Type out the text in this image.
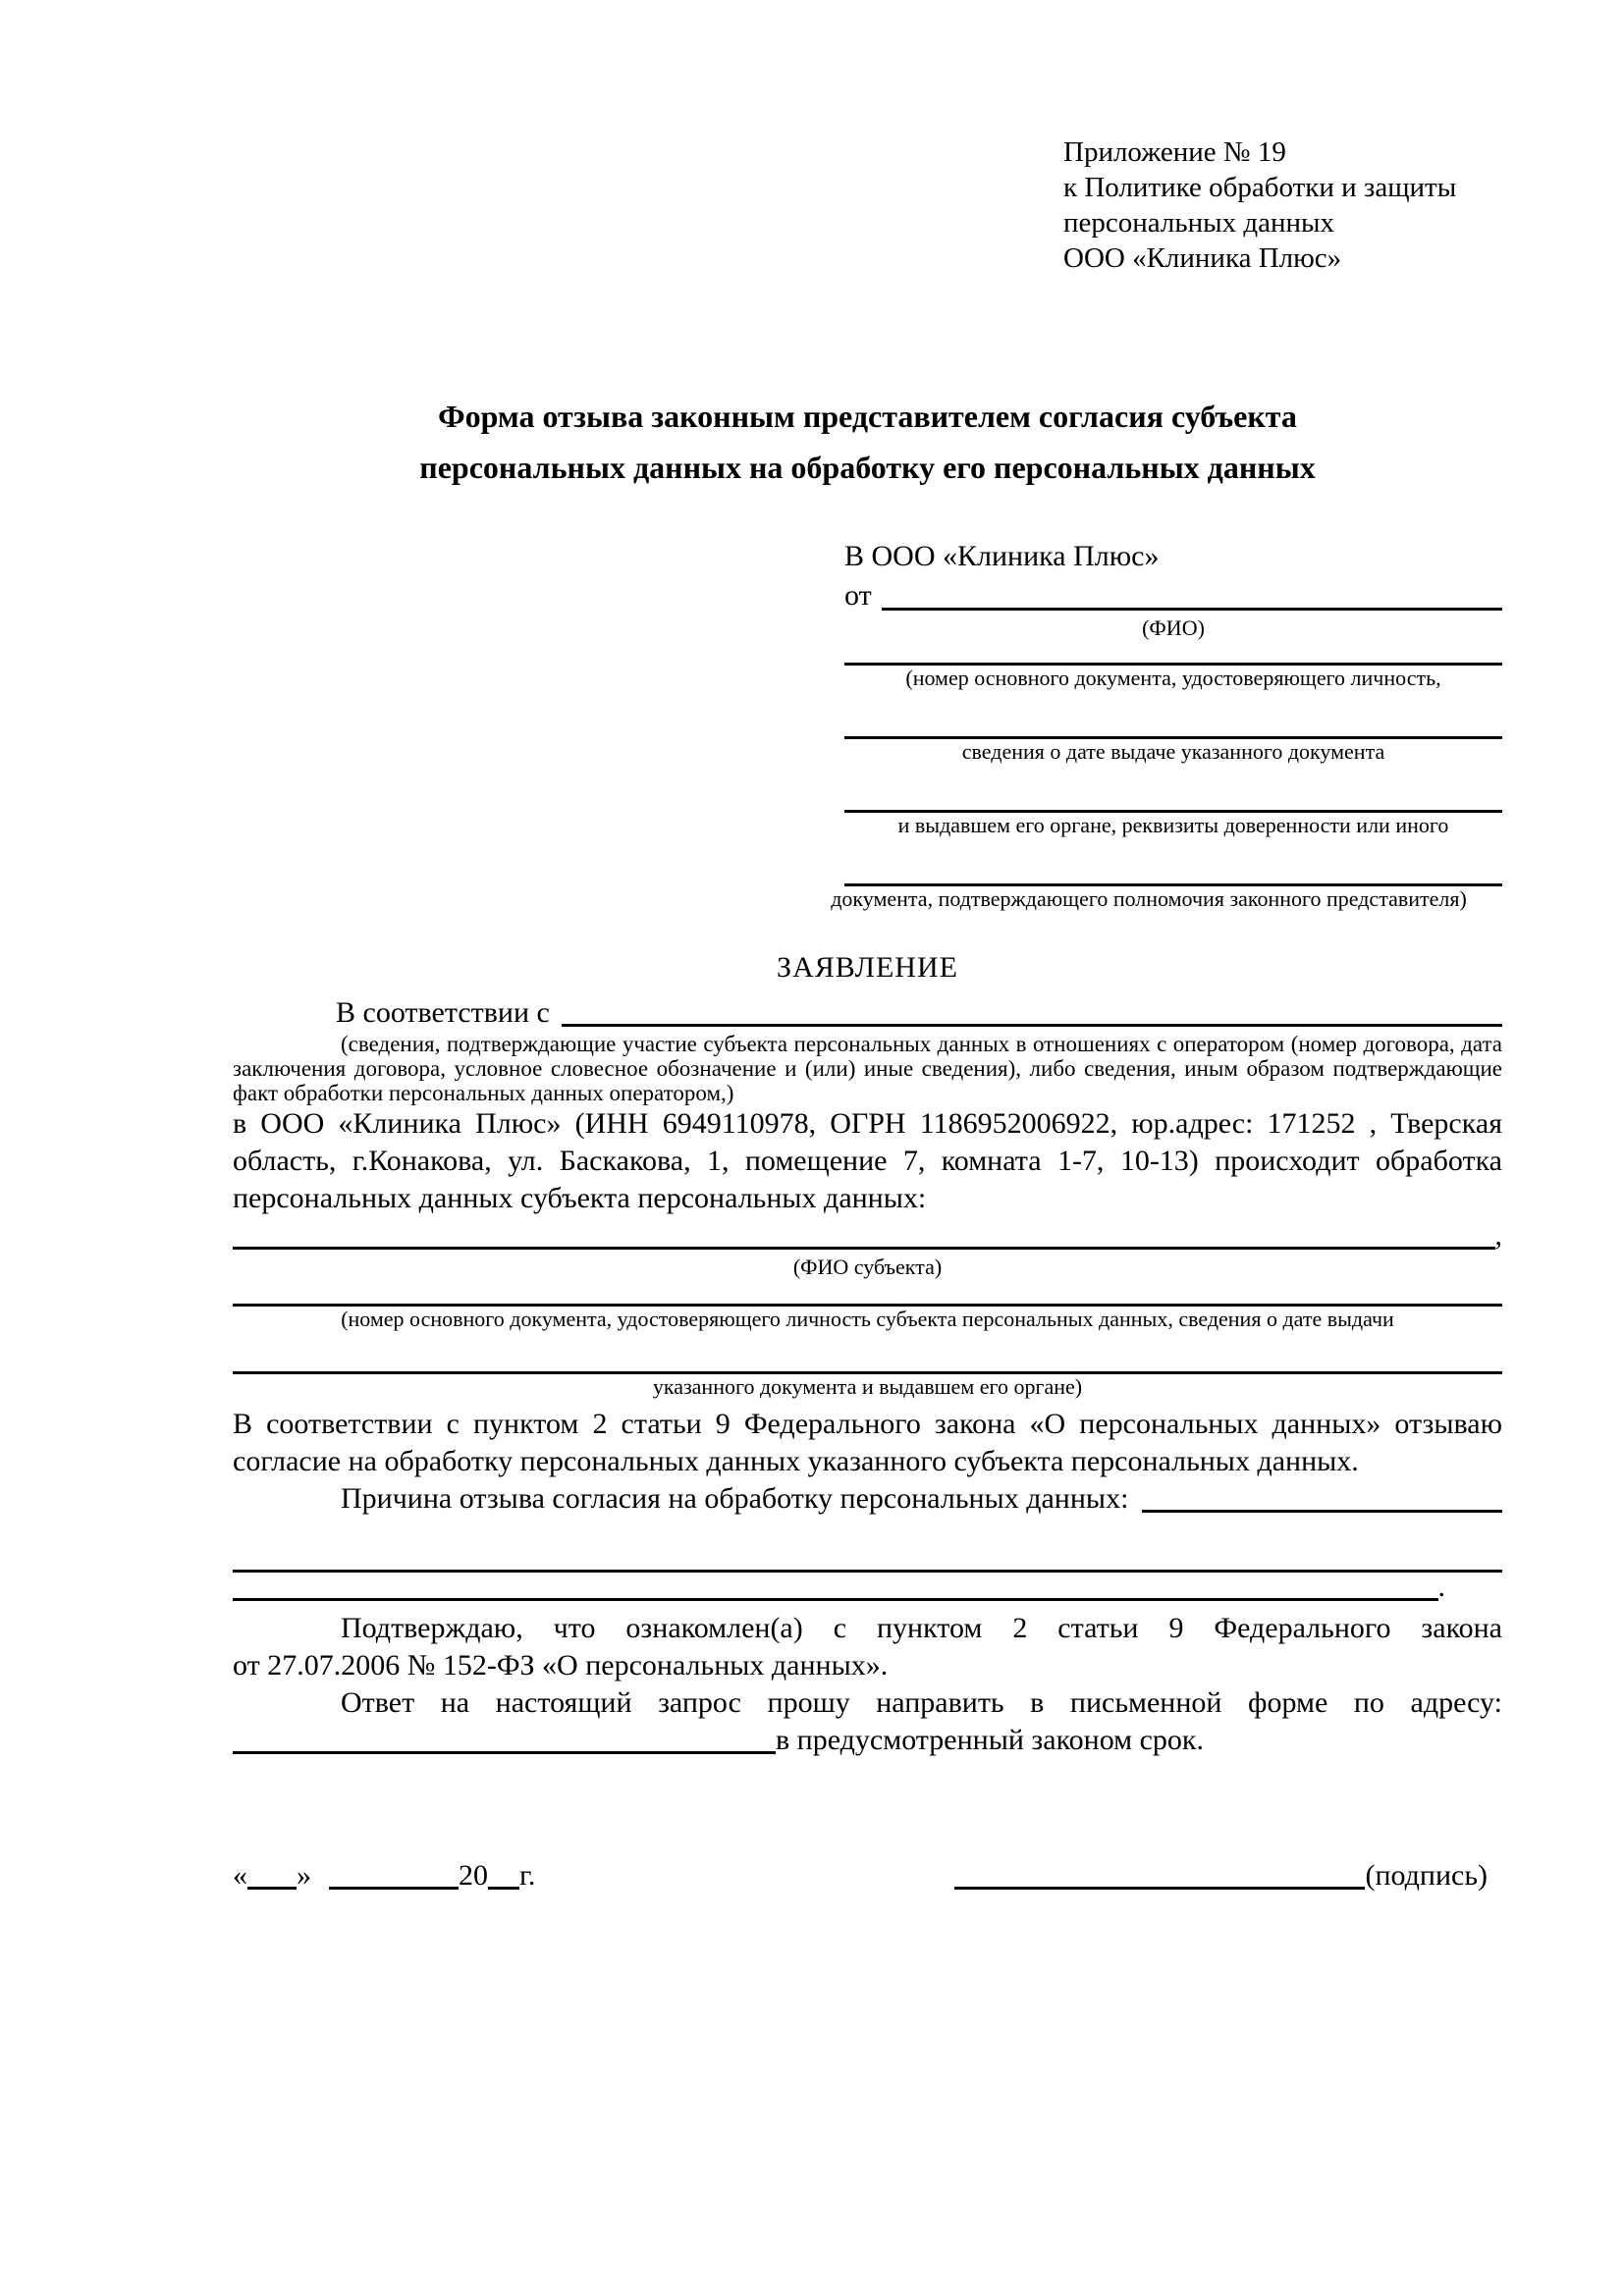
Приложение № 19
к Политике обработки и защиты
персональных данных
ООО «Клиника Плюс»
Форма отзыва законным представителем согласия субъекта
персональных данных на обработку его персональных данных
В ООО «Клиника Плюс»
от
(ФИО)
(номер основного документа, удостоверяющего личность,
сведения о дате выдаче указанного документа
и выдавшем его органе, реквизиты доверенности или иного
документа, подтверждающего полномочия законного представителя)
ЗАЯВЛЕНИЕ
В соответствии с
(сведения, подтверждающие участие субъекта персональных данных в отношениях с оператором (номер договора, дата заключения договора, условное словесное обозначение и (или) иные сведения), либо сведения, иным образом подтверждающие факт обработки персональных данных оператором,)
в ООО «Клиника Плюс» (ИНН 6949110978, ОГРН 1186952006922, юр.адрес: 171252 , Тверская область, г.Конакова, ул. Баскакова, 1, помещение 7, комната 1-7, 10-13) происходит обработка персональных данных субъекта персональных данных:
,
(ФИО субъекта)
(номер основного документа, удостоверяющего личность субъекта персональных данных, сведения о дате выдачи
указанного документа и выдавшем его органе)
В соответствии с пунктом 2 статьи 9 Федерального закона «О персональных данных» отзываю согласие на обработку персональных данных указанного субъекта персональных данных.
Причина отзыва согласия на обработку персональных данных:
.
Подтверждаю, что ознакомлен(а) с пунктом 2 статьи 9 Федерального закона
от 27.07.2006 № 152-ФЗ «О персональных данных».
Ответ на настоящий запрос прошу направить в письменной форме по адресу:
в предусмотренный законом срок.
« »	20 г.	(подпись)
